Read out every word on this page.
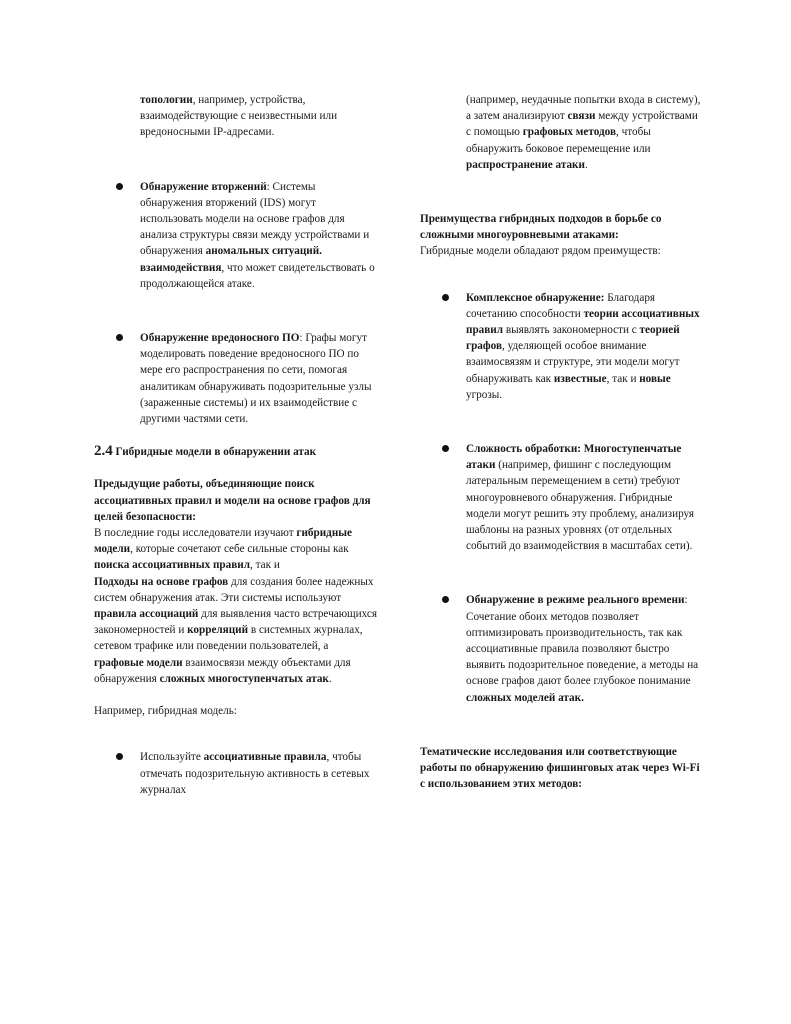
топологии, например, устройства, взаимодействующие с неизвестными или вредоносными IP-адресами.

Обнаружение вторжений: Системы обнаружения вторжений (IDS) могут использовать модели на основе графов для анализа структуры связи между устройствами и обнаружения аномальных ситуаций. взаимодействия, что может свидетельствовать о продолжающейся атаке.
Обнаружение вредоносного ПО: Графы могут моделировать поведение вредоносного ПО по мере его распространения по сети, помогая аналитикам обнаруживать подозрительные узлы (зараженные системы) и их взаимодействие с другими частями сети.

2.4 Гибридные модели в обнаружении атак

Предыдущие работы, объединяющие поиск ассоциативных правил и модели на основе графов для целей безопасности:

В последние годы исследователи изучают гибридные модели, которые сочетают себе сильные стороны как поиска ассоциативных правил, так и
Подходы на основе графов для создания более надежных систем обнаружения атак. Эти системы используют правила ассоциаций для выявления часто встречающихся закономерностей и корреляций в системных журналах, сетевом трафике или поведении пользователей, а графовые модели взаимосвязи между объектами для обнаружения сложных многоступенчатых атак.

Например, гибридная модель:

Используйте ассоциативные правила, чтобы отмечать подозрительную активность в сетевых журналах

(например, неудачные попытки входа в систему), а затем анализируют связи между устройствами с помощью графовых методов, чтобы обнаружить боковое перемещение или распространение атаки.

Преимущества гибридных подходов в борьбе со сложными многоуровневыми атаками:
Гибридные модели обладают рядом преимуществ:

Комплексное обнаружение: Благодаря сочетанию способности теории ассоциативных правил выявлять закономерности с теорией графов, уделяющей особое внимание взаимосвязям и структуре, эти модели могут обнаруживать как известные, так и новые угрозы.
Сложность обработки: Многоступенчатые атаки (например, фишинг с последующим латеральным перемещением в сети) требуют многоуровневого обнаружения. Гибридные модели могут решить эту проблему, анализируя шаблоны на разных уровнях (от отдельных событий до взаимодействия в масштабах сети).
Обнаружение в режиме реального времени: Сочетание обоих методов позволяет оптимизировать производительность, так как ассоциативные правила позволяют быстро выявить подозрительное поведение, а методы на основе графов дают более глубокое понимание сложных моделей атак.

Тематические исследования или соответствующие работы по обнаружению фишинговых атак через Wi-Fi с использованием этих методов:
